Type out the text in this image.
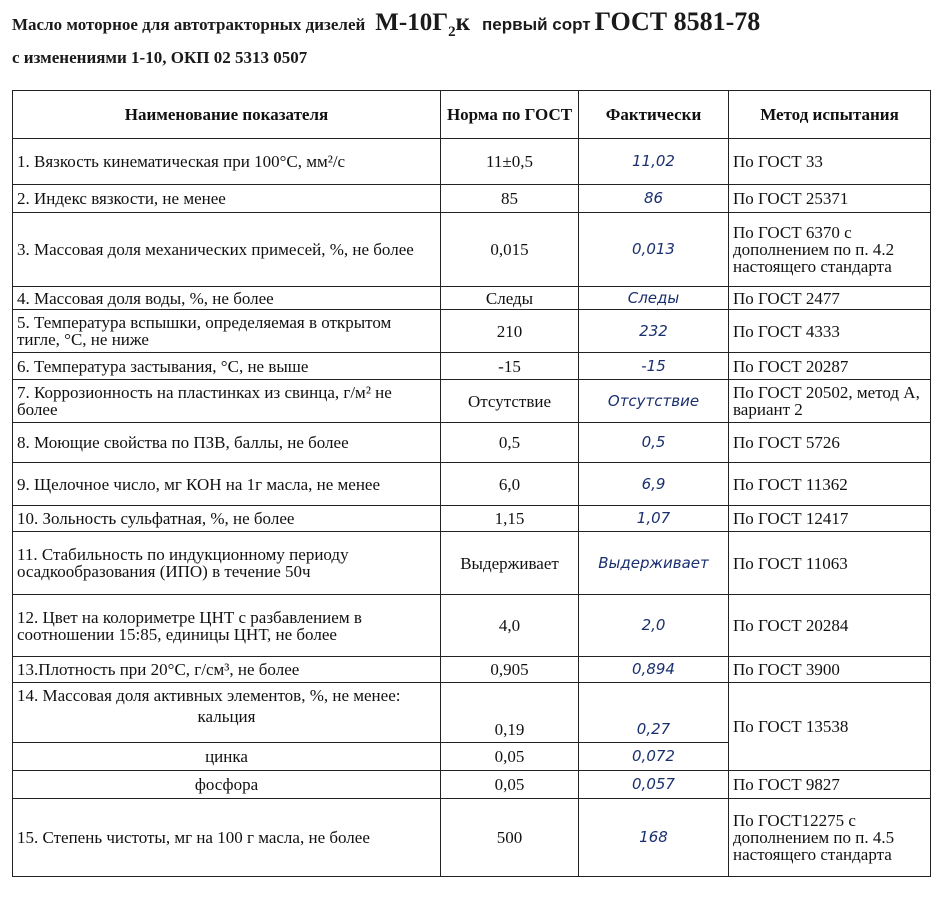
Масло моторное для автотракторных дизелей $М-10Г_2к$ первый сорт ГОСТ 8581-78
с изменениями 1-10, ОКП 02 5313 0507
Наименование показателя	Норма по ГОСТ	Фактически	Метод испытания
1. Вязкость кинематическая при 100°С, мм²/с	11±0,5	11,02	По ГОСТ 33
2. Индекс вязкости, не менее	85	86	По ГОСТ 25371
3. Массовая доля механических примесей, %, не более	0,015	0,013	По ГОСТ 6370 с дополнением по п. 4.2 настоящего стандарта
4. Массовая доля воды, %, не более	Следы	Следы	По ГОСТ 2477
5. Температура вспышки, определяемая в открытом тигле, °С, не ниже	210	232	По ГОСТ 4333
6. Температура застывания, °С, не выше	-15	-15	По ГОСТ 20287
7. Коррозионность на пластинках из свинца, г/м² не более	Отсутствие	Отсутствие	По ГОСТ 20502, метод А, вариант 2
8. Моющие свойства по ПЗВ, баллы, не более	0,5	0,5	По ГОСТ 5726
9. Щелочное число, мг КОН на 1г масла, не менее	6,0	6,9	По ГОСТ 11362
10. Зольность сульфатная, %, не более	1,15	1,07	По ГОСТ 12417
11. Стабильность по индукционному периоду осадкообразования (ИПО) в течение 50ч	Выдерживает	Выдерживает	По ГОСТ 11063
12. Цвет на колориметре ЦНТ с разбавлением в соотношении 15:85, единицы ЦНТ, не более	4,0	2,0	По ГОСТ 20284
13.Плотность при 20°С, г/см³, не более	0,905	0,894	По ГОСТ 3900

14. Массовая доля активных элементов, %, не менее:
кальция	0,19	0,27	По ГОСТ 13538
цинка	0,05	0,072	
фосфора	0,05	0,057	По ГОСТ 9827
15. Степень чистоты, мг на 100 г масла, не более	500	168	По ГОСТ12275 с дополнением по п. 4.5 настоящего стандарта
